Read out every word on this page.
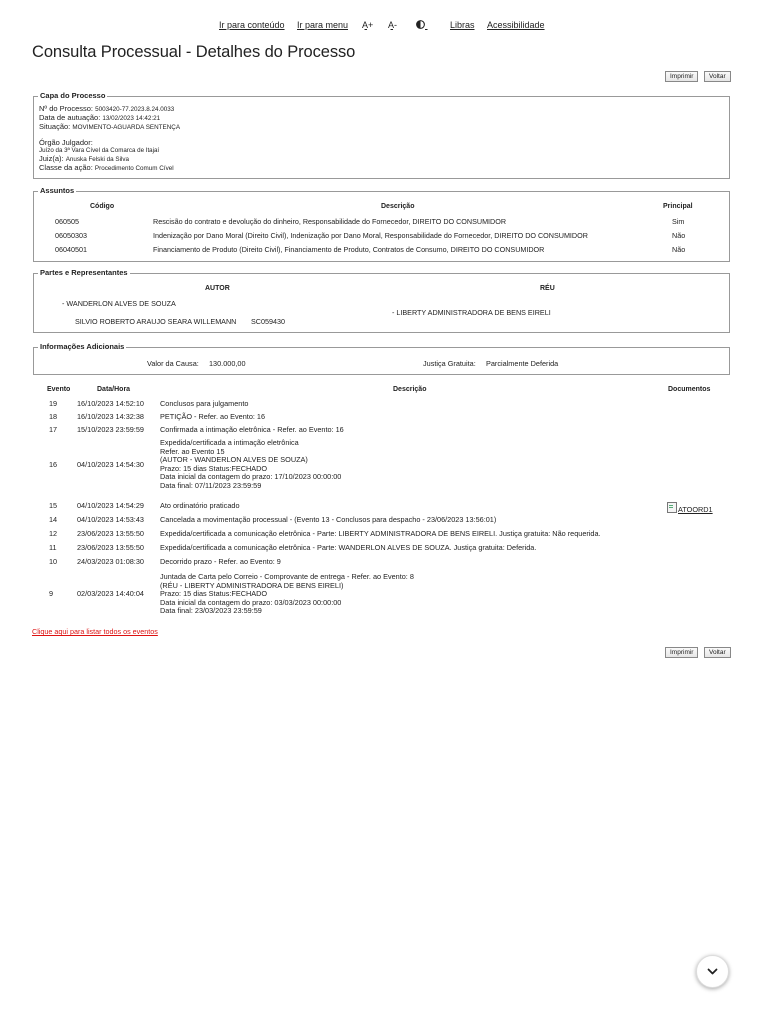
Ir para conteúdo Ir para menu A+

A-

	Libras Acessibilidade
Consulta Processual - Detalhes do Processo
Imprimir	Voltar
Capa do Processo
Nº do Processo: 5003420-77.2023.8.24.0033
Data de autuação: 13/02/2023 14:42:21
Situação: MOVIMENTO-AGUARDA SENTENÇA
Órgão Julgador:
Juízo da 3ª Vara Cível da Comarca de Itajaí
Juiz(a): Anuska Felski da Silva
Classe da ação: Procedimento Comum Cível
Assuntos
Código	Descrição	Principal
060505	Rescisão do contrato e devolução do dinheiro, Responsabilidade do Fornecedor, DIREITO DO CONSUMIDOR	Sim
06050303	Indenização por Dano Moral (Direito Civil), Indenização por Dano Moral, Responsabilidade do Fornecedor, DIREITO DO CONSUMIDOR	Não
06040501	Financiamento de Produto (Direito Civil), Financiamento de Produto, Contratos de Consumo, DIREITO DO CONSUMIDOR	Não
Partes e Representantes
AUTOR	RÉU
- WANDERLON ALVES DE SOUZA
- LIBERTY ADMINISTRADORA DE BENS EIRELI
SILVIO ROBERTO ARAUJO SEARA WILLEMANN SC059430
Informações Adicionais
Valor da Causa: 130.000,00	Justiça Gratuita: Parcialmente Deferida
Evento	Data/Hora	Descrição	Documentos
19	16/10/2023 14:52:10 Conclusos para julgamento
18	16/10/2023 14:32:38 PETIÇÃO - Refer. ao Evento: 16
17	15/10/2023 23:59:59 Confirmada a intimação eletrônica - Refer. ao Evento: 16
16	04/10/2023 14:54:30
Expedida/certificada a intimação eletrônica
Refer. ao Evento 15
(AUTOR - WANDERLON ALVES DE SOUZA)
Prazo: 15 dias Status:FECHADO
Data inicial da contagem do prazo: 17/10/2023 00:00:00
Data final: 07/11/2023 23:59:59
15	04/10/2023 14:54:29 Ato ordinatório praticado	ATOORD1
14	04/10/2023 14:53:43 Cancelada a movimentação processual - (Evento 13 - Conclusos para despacho - 23/06/2023 13:56:01)
12	23/06/2023 13:55:50 Expedida/certificada a comunicação eletrônica - Parte: LIBERTY ADMINISTRADORA DE BENS EIRELI. Justiça gratuita: Não requerida.
11	23/06/2023 13:55:50 Expedida/certificada a comunicação eletrônica - Parte: WANDERLON ALVES DE SOUZA. Justiça gratuita: Deferida.
10	24/03/2023 01:08:30 Decorrido prazo - Refer. ao Evento: 9
9	02/03/2023 14:40:04
Juntada de Carta pelo Correio - Comprovante de entrega - Refer. ao Evento: 8
(RÉU - LIBERTY ADMINISTRADORA DE BENS EIRELI)
Prazo: 15 dias Status:FECHADO
Data inicial da contagem do prazo: 03/03/2023 00:00:00
Data final: 23/03/2023 23:59:59
Clique aqui para listar todos os eventos
Imprimir	Voltar
